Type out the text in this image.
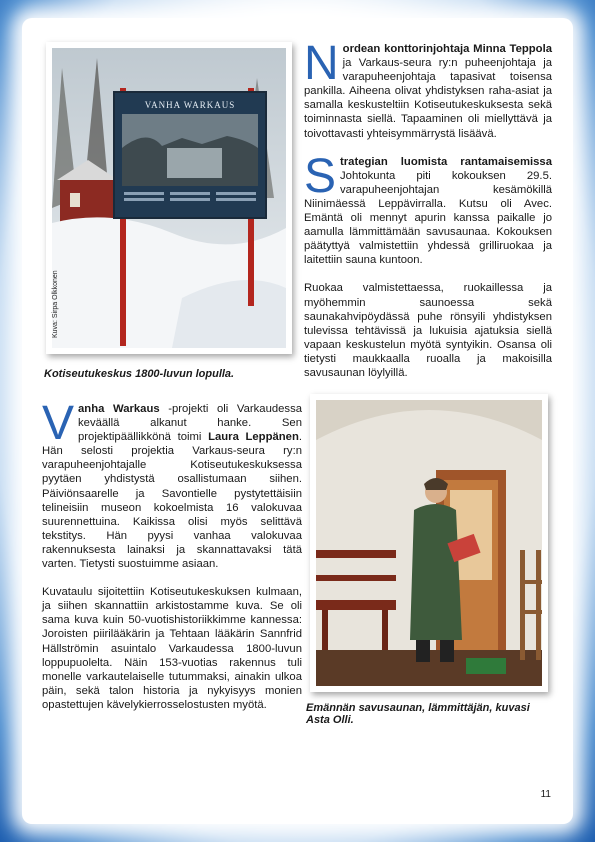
VANHA WARKAUS
Kuva: Sirpa Olkkonen
Kotiseutukeskus 1800-luvun lopulla.

Vanha Warkaus -projekti oli Varkaudessa keväällä alkanut hanke. Sen projektipäällikkönä toimi Laura Leppänen. Hän selosti projektia Varkaus-seura ry:n varapuheenjohtajalle Kotiseutukeskuksessa pyytäen yhdistystä osallistumaan siihen. Päiviönsaarelle ja Savontielle pystytettäisiin telineisiin museon kokoelmista 16 valokuvaa suurennettuina. Kaikissa olisi myös selittävä tekstitys. Hän pyysi vanhaa valokuvaa rakennuksesta lainaksi ja skannattavaksi tätä varten. Tietysti suostuimme asiaan.

Kuvataulu sijoitettiin Kotiseutukeskuksen kulmaan, ja siihen skannattiin arkistostamme kuva. Se oli sama kuva kuin 50-vuotishistoriikkimme kannessa: Joroisten piirilääkärin ja Tehtaan lääkärin Sannfrid Hällströmin asuintalo Varkaudessa 1800-luvun loppupuolelta. Näin 153-vuotias rakennus tuli monelle varkautelaiselle tutummaksi, ainakin ulkoa päin, sekä talon historia ja nykyisyys monien opastettujen kävelykierrosselostusten myötä.

Nordean konttorinjohtaja Minna Teppola ja Varkaus-seura ry:n puheenjohtaja ja varapuheenjohtaja tapasivat toisensa pankilla. Aiheena olivat yhdistyksen raha-asiat ja samalla keskusteltiin Kotiseutukeskuksesta sekä toiminnasta siellä. Tapaaminen oli miellyttävä ja toivottavasti yhteisymmärrystä lisäävä.

Strategian luomista rantamaisemissa Johtokunta piti kokouksen 29.5. varapuheenjohtajan kesämökillä Niinimäessä Leppävirralla. Kutsu oli Avec. Emäntä oli mennyt apurin kanssa paikalle jo aamulla lämmittämään savusaunaa. Kokouksen päätyttyä valmistettiin yhdessä grilliruokaa ja laitettiin sauna kuntoon.

Ruokaa valmistettaessa, ruokaillessa ja myöhemmin saunoessa sekä saunakahvipöydässä puhe rönsyili yhdistyksen tulevissa tehtävissä ja lukuisia ajatuksia siellä vapaan keskustelun myötä syntyikin. Osansa oli tietysti maukkaalla ruoalla ja makoisilla savusaunan löylyillä.

Emännän savusaunan, lämmittäjän, kuvasi Asta Olli.
11
